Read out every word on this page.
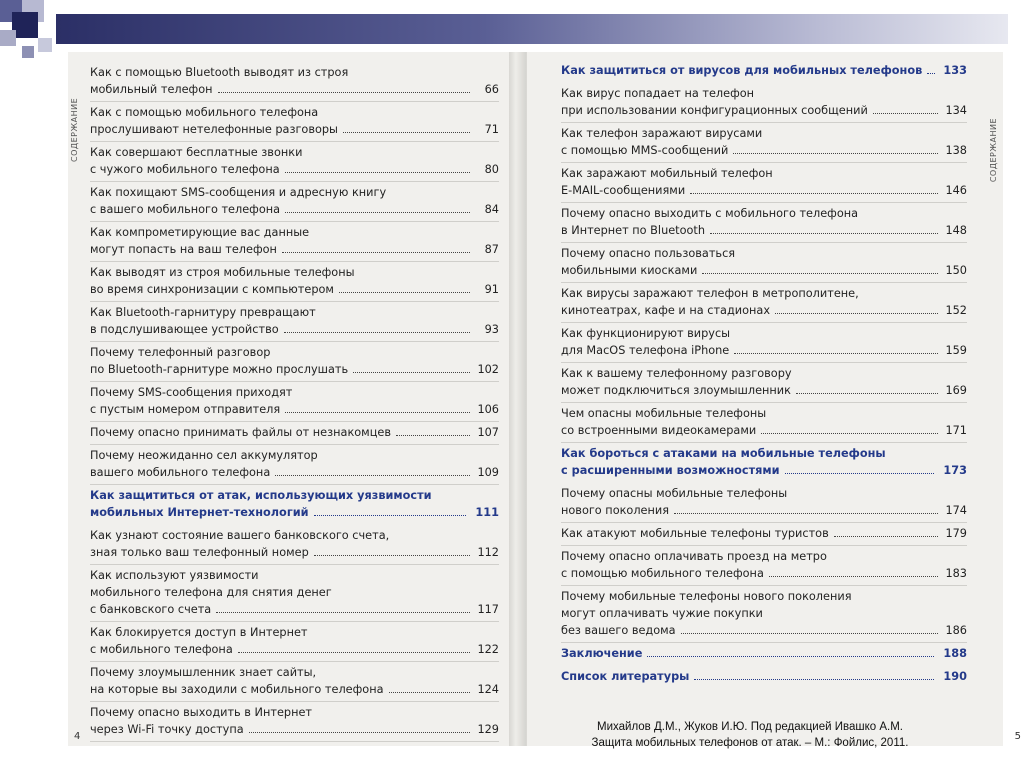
СОДЕРЖАНИЕ
Как с помощью Bluetooth выводят из строя
мобильный телефон	66
Как с помощью мобильного телефона
прослушивают нетелефонные разговоры	71
Как совершают бесплатные звонки
с чужого мобильного телефона	80
Как похищают SMS-сообщения и адресную книгу
с вашего мобильного телефона	84
Как компрометирующие вас данные
могут попасть на ваш телефон	87
Как выводят из строя мобильные телефоны
во время синхронизации с компьютером	91
Как Bluetooth-гарнитуру превращают
в подслушивающее устройство	93
Почему телефонный разговор
по Bluetooth-гарнитуре можно прослушать	102
Почему SMS-сообщения приходят
с пустым номером отправителя	106
Почему опасно принимать файлы от незнакомцев	107
Почему неожиданно сел аккумулятор
вашего мобильного телефона	109
Как защититься от атак, использующих уязвимости
мобильных Интернет-технологий	111
Как узнают состояние вашего банковского счета,
зная только ваш телефонный номер	112
Как используют уязвимости
мобильного телефона для снятия денег
с банковского счета	117
Как блокируется доступ в Интернет
с мобильного телефона	122
Почему злоумышленник знает сайты,
на которые вы заходили с мобильного телефона	124
Почему опасно выходить в Интернет
через Wi-Fi точку доступа	129
4
СОДЕРЖАНИЕ
Как защититься от вирусов для мобильных телефонов 133
Как вирус попадает на телефон
при использовании конфигурационных сообщений	134
Как телефон заражают вирусами
с помощью MMS-сообщений	138
Как заражают мобильный телефон
E-MAIL-сообщениями	146
Почему опасно выходить с мобильного телефона
в Интернет по Bluetooth	148
Почему опасно пользоваться
мобильными киосками	150
Как вирусы заражают телефон в метрополитене,
кинотеатрах, кафе и на стадионах	152
Как функционируют вирусы
для MacOS телефона iPhone	159
Как к вашему телефонному разговору
может подключиться злоумышленник	169
Чем опасны мобильные телефоны
со встроенными видеокамерами	171
Как бороться с атаками на мобильные телефоны
с расширенными возможностями	173
Почему опасны мобильные телефоны
нового поколения	174
Как атакуют мобильные телефоны туристов	179
Почему опасно оплачивать проезд на метро
с помощью мобильного телефона	183
Почему мобильные телефоны нового поколения
могут оплачивать чужие покупки
без вашего ведома	186
Заключение	188
Список литературы	190
5
Михайлов Д.М., Жуков И.Ю. Под редакцией Ивашко А.М.
Защита мобильных телефонов от атак. – М.: Фойлис, 2011.
